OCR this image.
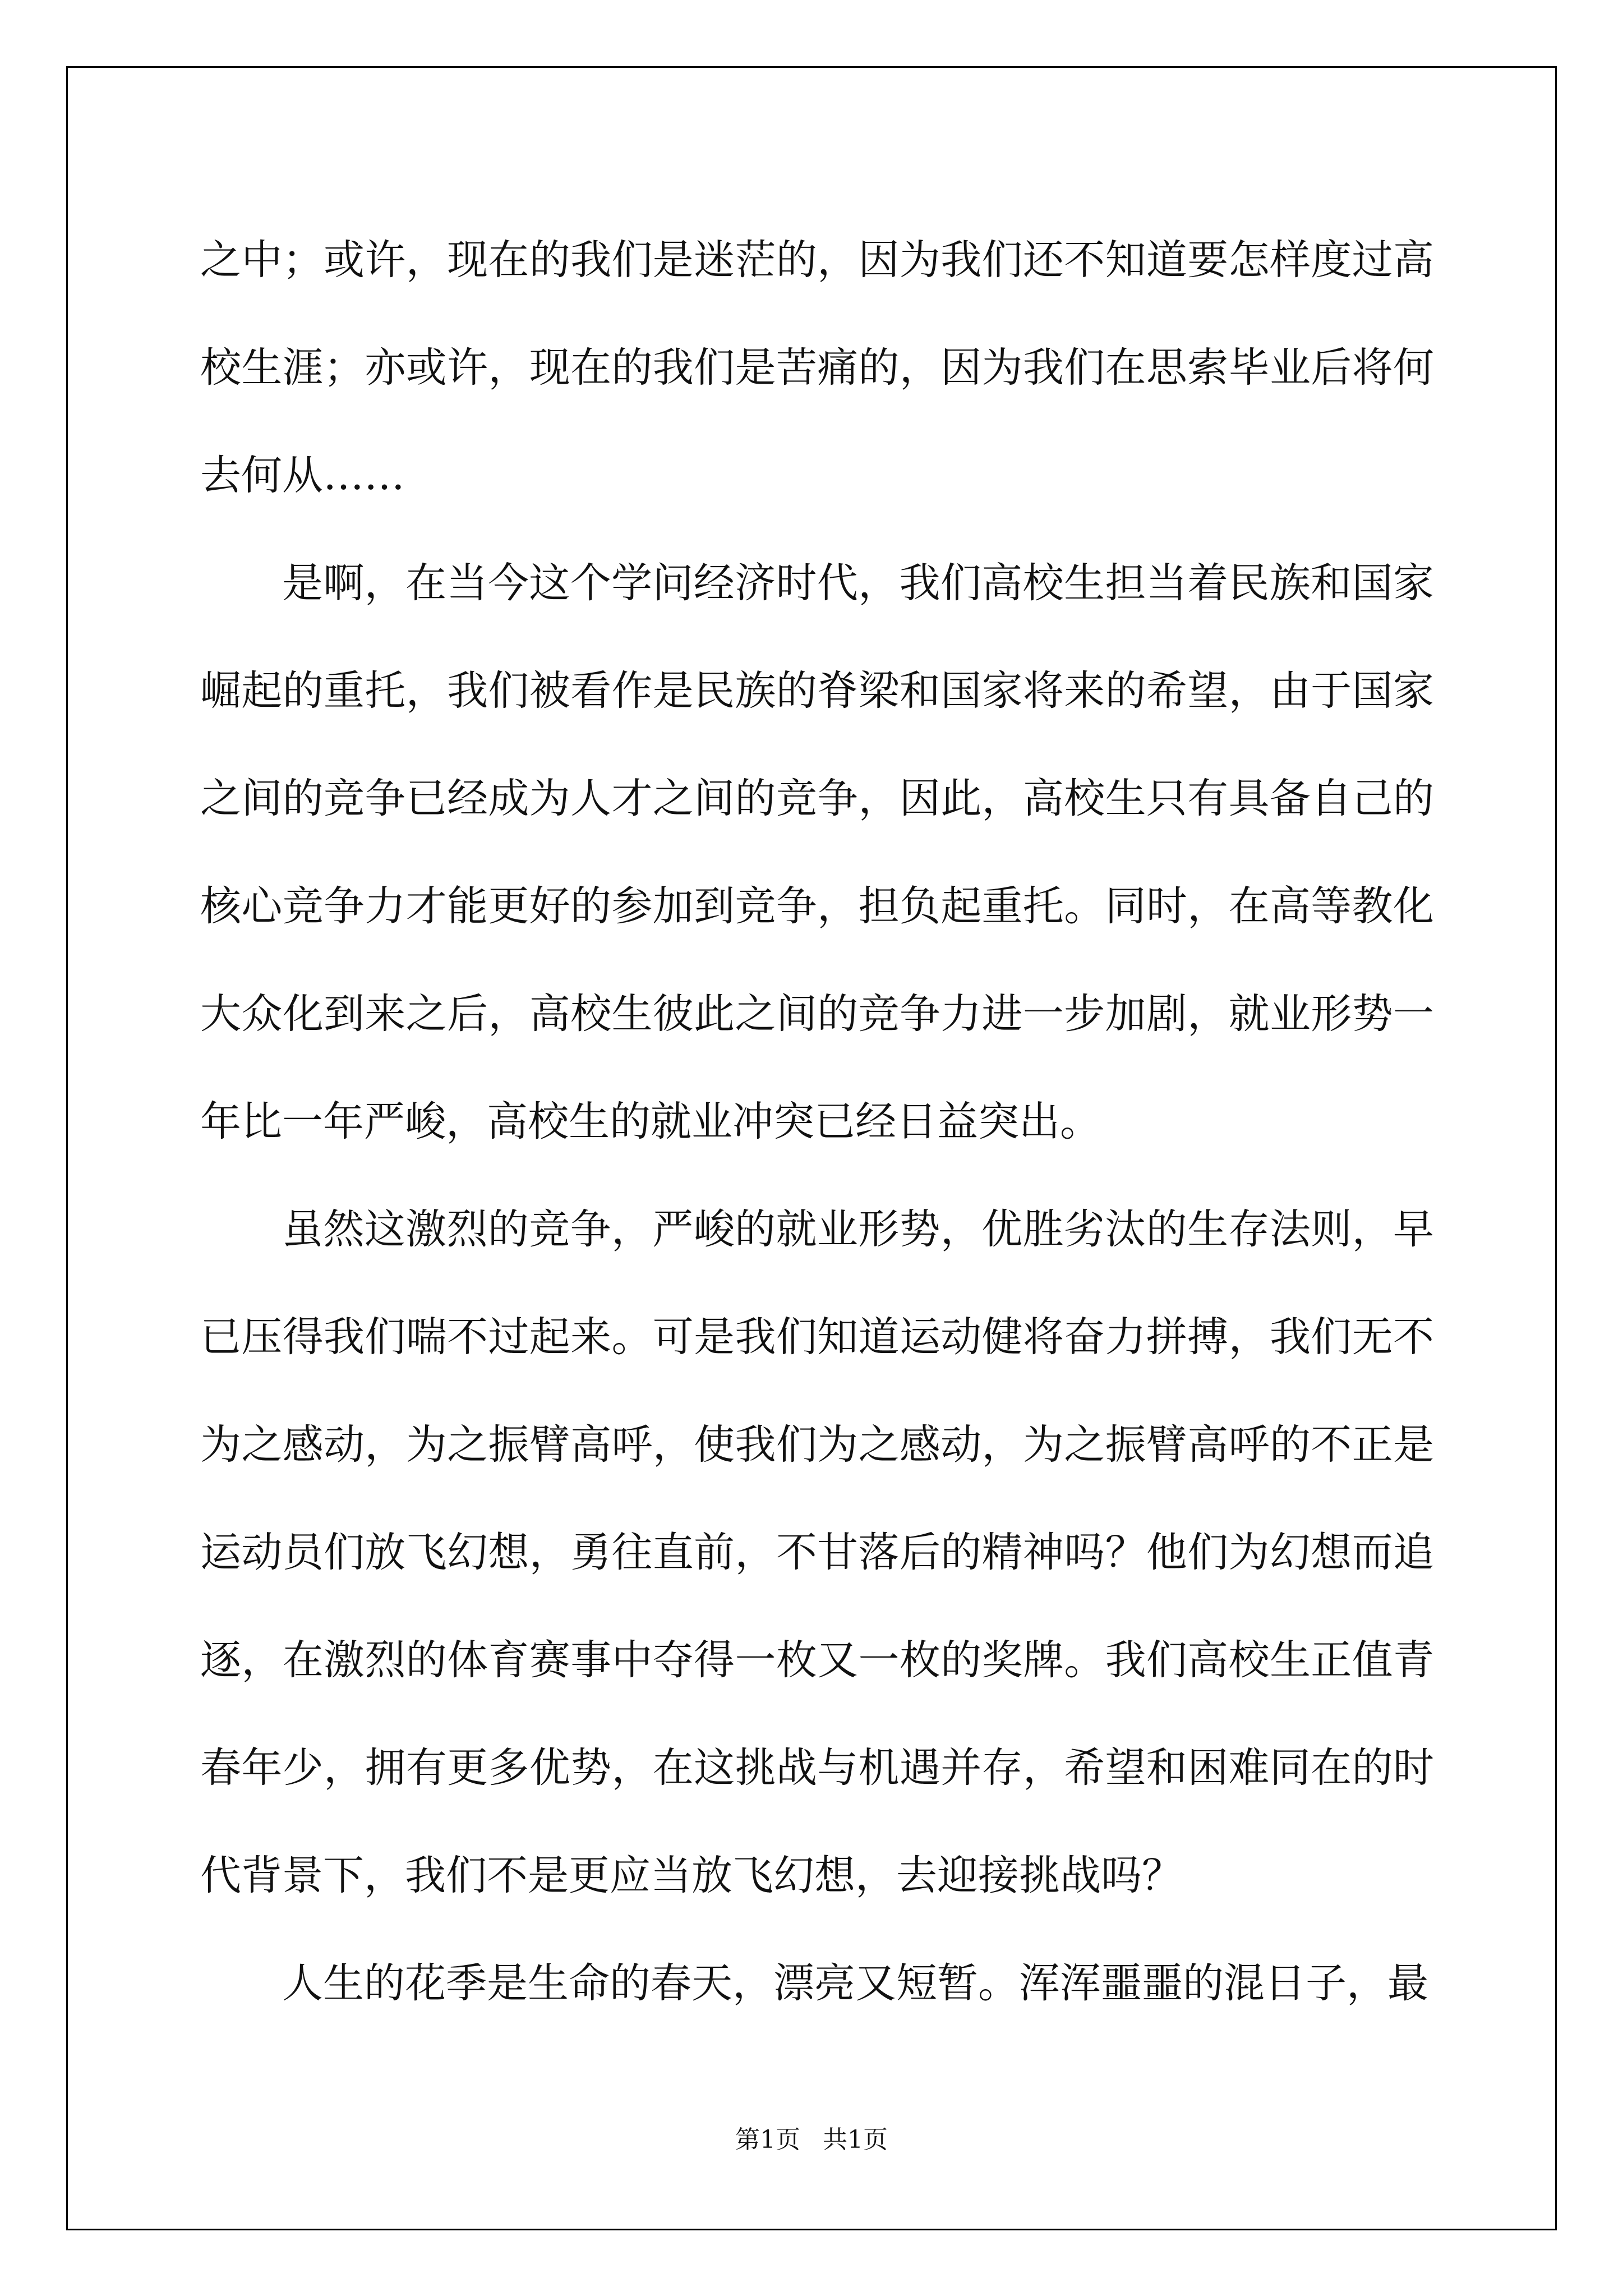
之中；或许，现在的我们是迷茫的，因为我们还不知道要怎样度过高校生涯；亦或许，现在的我们是苦痛的，因为我们在思索毕业后将何去何从……

是啊，在当今这个学问经济时代，我们高校生担当着民族和国家崛起的重托，我们被看作是民族的脊梁和国家将来的希望，由于国家之间的竞争已经成为人才之间的竞争，因此，高校生只有具备自己的核心竞争力才能更好的参加到竞争，担负起重托。同时，在高等教化大众化到来之后，高校生彼此之间的竞争力进一步加剧，就业形势一年比一年严峻，高校生的就业冲突已经日益突出。

虽然这激烈的竞争，严峻的就业形势，优胜劣汰的生存法则，早已压得我们喘不过起来。可是我们知道运动健将奋力拼搏，我们无不为之感动，为之振臂高呼，使我们为之感动，为之振臂高呼的不正是运动员们放飞幻想，勇往直前，不甘落后的精神吗？他们为幻想而追逐，在激烈的体育赛事中夺得一枚又一枚的奖牌。我们高校生正值青春年少，拥有更多优势，在这挑战与机遇并存，希望和困难同在的时代背景下，我们不是更应当放飞幻想，去迎接挑战吗？

人生的花季是生命的春天，漂亮又短暂。浑浑噩噩的混日子，最

第1页 共1页
